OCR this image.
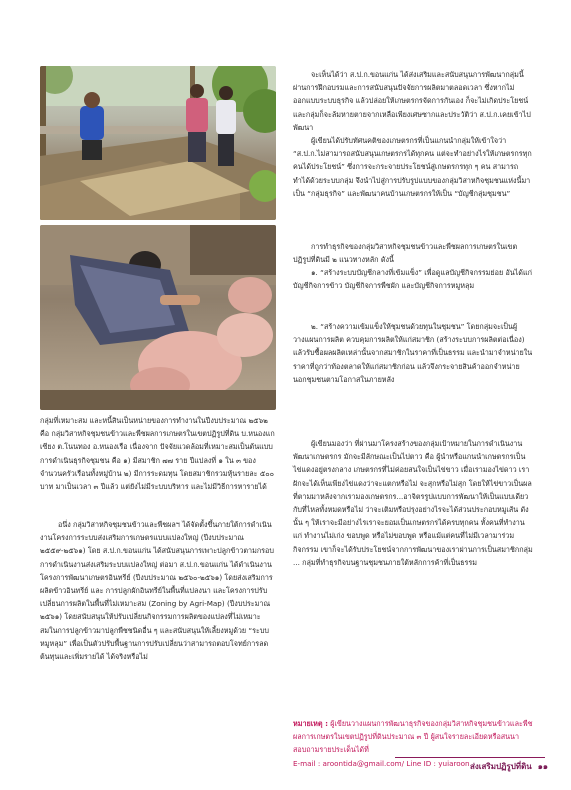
กลุ่มที่เหมาะสม และหนี้สินเป็นหน่ายของการทำงานในปีงบประมาณ ๒๕๖๒ คือ กลุ่มวิสาหกิจชุมชนข้าวและพืชผลการเกษตรในเขตปฏิรูปที่ดิน บ.หนองแกเซียง ต.โนนทอง อ.หนองเรือ เนื่องจาก ปัจจัยแวดล้อมที่เหมาะสมเป็นต้นแบบการดำเนินธุรกิจชุมชน คือ ๑) มีสมาชิก ๗๗ ราย ปีแปลงที่ ๑ ใน ๓ ของจำนวนครัวเรือนทั้งหมู่บ้าน ๒) มีการระดมทุน โดยสมาชิกรวมหุ้นรายละ ๕๐๐ บาท มาเป็นเวลา ๓ ปีแล้ว แต่ยังไม่มีระบบบริหาร และไม่มีวิธีการหารายได้

อนึ่ง กลุ่มวิสาหกิจชุมชนข้าวและพืชผลฯ ได้จัดตั้งขึ้นภายใต้การดำเนินงานโครงการระบบส่งเสริมการเกษตรแบบแปลงใหญ่ (ปีงบประมาณ ๒๕๕๙-๒๕๖๑) โดย ส.ป.ก.ขอนแก่น ได้สนับสนุนการเพาะปลูกข้าวตามกรอบ การดำเนินงานส่งเสริมระบบแปลงใหญ่ ต่อมา ส.ป.ก.ขอนแก่น ได้ดำเนินงานโครงการพัฒนาเกษตรอินทรีย์ (ปีงบประมาณ ๒๕๖๐-๒๕๖๑) โดยส่งเสริมการผลิตข้าวอินทรีย์ และ การปลูกผักอินทรีย์ในพื้นที่แปลงนา และโครงการปรับเปลี่ยนการผลิตในพื้นที่ไม่เหมาะสม (Zoning by Agri-Map) (ปีงบประมาณ ๒๕๖๑) โดยสนับสนุนให้ปรับเปลี่ยนกิจกรรมการผลิตของแปลงที่ไม่เหมาะสมในการปลูกข้าวมาปลูกพืชชนิดอื่น ๆ และสนับสนุนให้เลี้ยงหมูด้วย “ระบบหมูหลุม” เพื่อเป็นตัวปรับพื้นฐานการปรับเปลี่ยนว่าสามารถตอบโจทย์การลดต้นทุนและเพิ่มรายได้ ได้จริงหรือไม่

จะเห็นได้ว่า ส.ป.ก.ขอนแก่น ได้ส่งเสริมและสนับสนุนการพัฒนากลุ่มนี้ผ่านการฝึกอบรมและการสนับสนุนปัจจัยการผลิตมาตลอดเวลา ซึ่งหากไม่ออกแบบระบบธุรกิจ แล้วปล่อยให้เกษตรกรจัดการกันเอง ก็จะไม่เกิดประโยชน์และกลุ่มก็จะล้มหายตายจากเหลือเพียงเศษซากและประวัติว่า ส.ป.ก.เคยเข้าไปพัฒนา

ผู้เขียนได้ปรับทัศนคติของเกษตรกรที่เป็นแกนนำกลุ่มให้เข้าใจว่า “ส.ป.ก.ไม่สามารถสนับสนุนเกษตรกรได้ทุกคน แต่จะทำอย่างไรให้เกษตรกรทุกคนได้ประโยชน์” ซึ่งการจะกระจายประโยชน์สู่เกษตรกรทุก ๆ คน สามารถทำได้ด้วยระบบกลุ่ม จึงนำไปสู่การปรับรูปแบบของกลุ่มวิสาหกิจชุมชนแห่งนี้มาเป็น “กลุ่มธุรกิจ” และพัฒนาคนบ้านเกษตรกรให้เป็น “บัญชีกลุ่มชุมชน”

การทำธุรกิจของกลุ่มวิสาหกิจชุมชนข้าวและพืชผลการเกษตรในเขตปฏิรูปที่ดินมี ๒ แนวทางหลัก ดังนี้

๑. “สร้างระบบบัญชีกลางที่เข้มแข็ง” เพื่อดูแลบัญชีกิจกรรมย่อย อันได้แก่ บัญชีกิจการข้าว บัญชีกิจการพืชผัก และบัญชีกิจการหมูหลุม

๒. “สร้างความเข้มแข็งให้ชุมชนด้วยทุนในชุมชน” โดยกลุ่มจะเป็นผู้วางแผนการผลิต ควบคุมการผลิตให้แก่สมาชิก (สร้างระบบการผลิตต่อเนื่อง) แล้วรับซื้อผลผลิตเหล่านั้นจากสมาชิกในราคาที่เป็นธรรม และนำมาจำหน่ายในราคาที่ถูกว่าท้องตลาดให้แก่สมาชิกก่อน แล้วจึงกระจายสินค้าออกจำหน่ายนอกชุมชนตามโอกาสในภายหลัง

ผู้เขียนมองว่า ที่ผ่านมาโครงสร้างของกลุ่มเป้าหมายในการดำเนินงานพัฒนาเกษตรกร มักจะมีลักษณะเป็นไปตาว คือ ผู้นำหรือแกนนำเกษตรกรเป็นไข่แดงอยู่ตรงกลาง เกษตรกรที่ไม่ค่อยสนใจเป็นไข่ขาว เมื่อเรามองไข่ดาว เราฝักจะได้เห็นเพียงไข่แดงว่าจะแตกหรือไม่ จะสุกหรือไม่สุก โดยให้ไข่ขาวเป็นผลที่ตามมาหลังจากเรามองเกษตรกร...อาจิตรรูปแบบการพัฒนาให้เป็นแบบเดียวกับที่ไหลทั้งหมดหรือไม่ ว่าจะเติมหรือปรุงอย่างไรจะได้ส่วนประกอบหมูเส้น ดังนั้น ๆ ให้เราจะมีอย่างไรเราจะยอมเป็นเกษตรกรได้ครบทุกคน ทั้งคนที่ทำงานแก่ ทำงานไม่เก่ง ขอบพูด หรือไม่ขอบพูด หรือแม้แต่คนที่ไม่มีเวลามาร่วมกิจกรรม เขาก็จะได้รับประโยชน์จากการพัฒนาของเราผ่านการเป็นสมาชิกกลุ่ม ... กลุ่มที่ทำธุรกิจบนฐานชุมชนภายใต้หลักการค้าที่เป็นธรรม

หมายเหตุ : ผู้เขียนวางแผนการพัฒนาธุรกิจของกลุ่มวิสาหกิจชุมชนข้าวและพืชผลการเกษตรในเขตปฏิรูปที่ดินประมาณ ๓ ปี ผู้สนใจรายละเอียดหรือสนนาสอบถามรายประเด็นได้ที่
E-mail : aroontida@gmail.com/ Line ID : yuiaroon ส่งเสริมปฏิรูปที่ดิน ๑๑
